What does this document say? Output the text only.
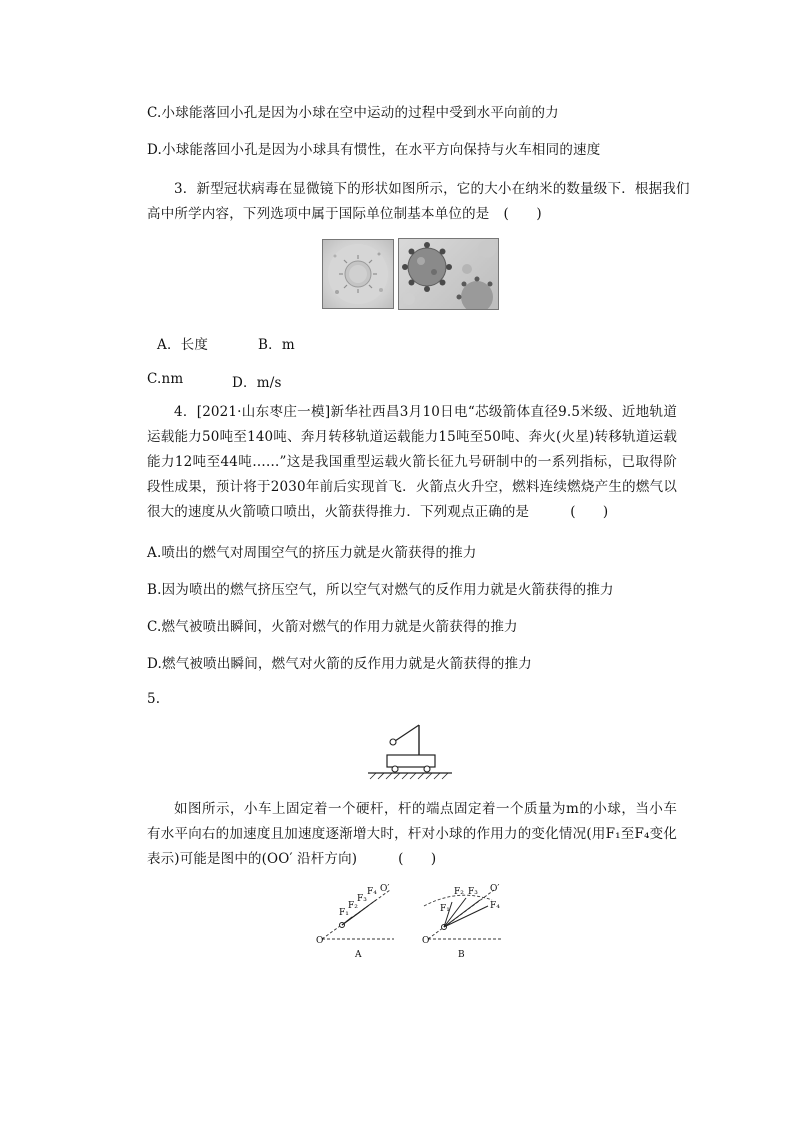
C.小球能落回小孔是因为小球在空中运动的过程中受到水平向前的力
D.小球能落回小孔是因为小球具有惯性，在水平方向保持与火车相同的速度
3．新型冠状病毒在显微镜下的形状如图所示，它的大小在纳米的数量级下．根据我们
高中所学内容，下列选项中属于国际单位制基本单位的是 (　　)
A．长度	B．m
C.nm	D．m/s
4．[2021·山东枣庄一模]新华社西昌3月10日电“芯级箭体直径9.5米级、近地轨道运载能力50吨至140吨、奔月转移轨道运载能力15吨至50吨、奔火(火星)转移轨道运载能力12吨至44吨……”这是我国重型运载火箭长征九号研制中的一系列指标，已取得阶段性成果，预计将于2030年前后实现首飞．火箭点火升空，燃料连续燃烧产生的燃气以很大的速度从火箭喷口喷出，火箭获得推力．下列观点正确的是	(　　)
A.喷出的燃气对周围空气的挤压力就是火箭获得的推力
B.因为喷出的燃气挤压空气，所以空气对燃气的反作用力就是火箭获得的推力
C.燃气被喷出瞬间，火箭对燃气的作用力就是火箭获得的推力
D.燃气被喷出瞬间，燃气对火箭的反作用力就是火箭获得的推力
5.
如图所示，小车上固定着一个硬杆，杆的端点固定着一个质量为m的小球，当小车有水平向右的加速度且加速度逐渐增大时，杆对小球的作用力的变化情况(用F₁至F₄变化表示)可能是图中的(OO′ 沿杆方向)	(　　)
F₁
F₂
F₃
F₄ O′
O
A
F₁
F₂ F₃
F₄
O′
O
B
